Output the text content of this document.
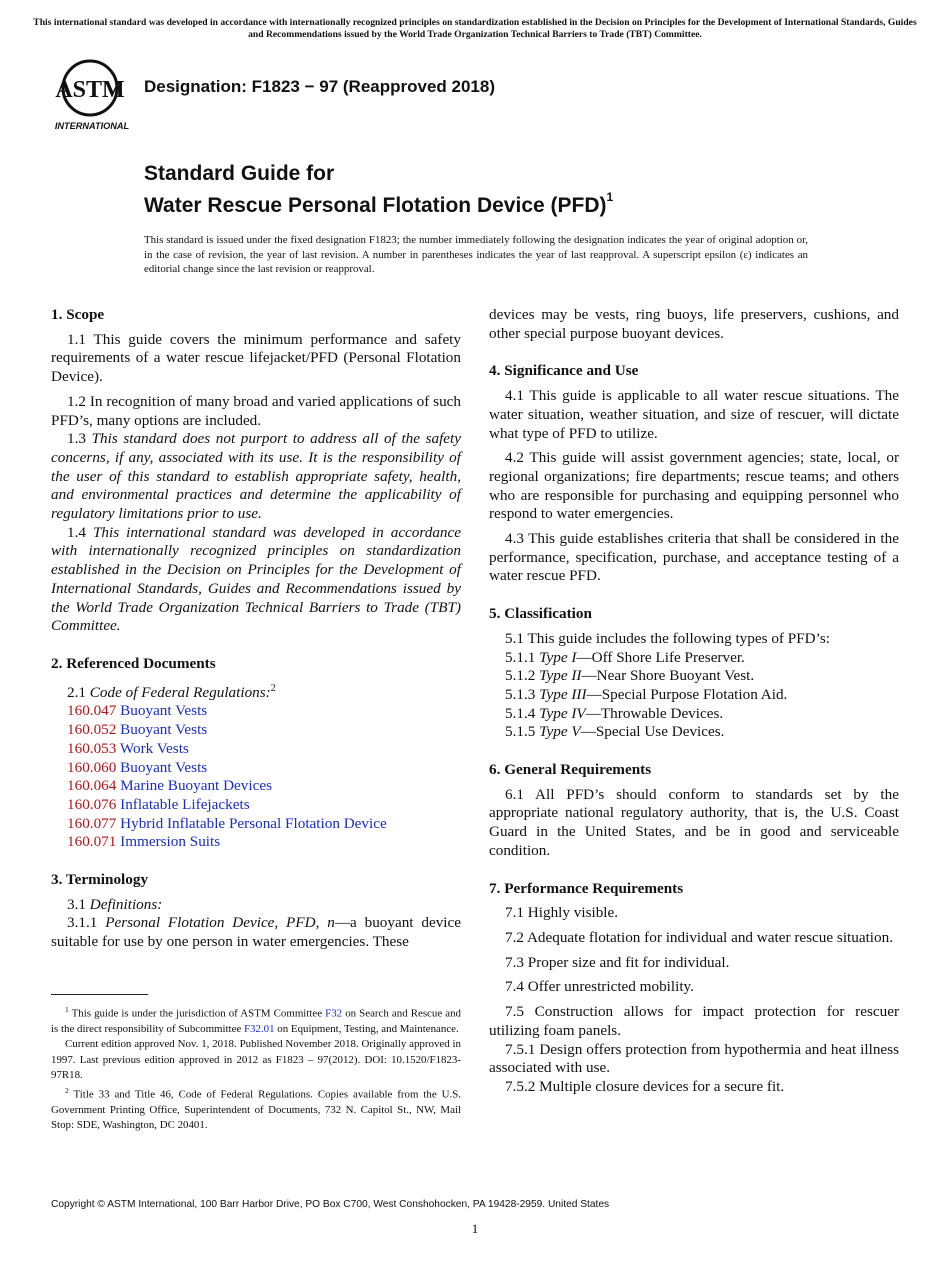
This international standard was developed in accordance with internationally recognized principles on standardization established in the Decision on Principles for the Development of International Standards, Guides and Recommendations issued by the World Trade Organization Technical Barriers to Trade (TBT) Committee.
ASTM
INTERNATIONAL
Designation: F1823 − 97 (Reapproved 2018)
Standard Guide for
Water Rescue Personal Flotation Device (PFD)$^1$
This standard is issued under the fixed designation F1823; the number immediately following the designation indicates the year of original adoption or, in the case of revision, the year of last revision. A number in parentheses indicates the year of last reapproval. A superscript epsilon (ε) indicates an editorial change since the last revision or reapproval.
1. Scope

1.1 This guide covers the minimum performance and safety requirements of a water rescue lifejacket/PFD (Personal Flotation Device).

1.2 In recognition of many broad and varied applications of such PFD’s, many options are included.

1.3 This standard does not purport to address all of the safety concerns, if any, associated with its use. It is the responsibility of the user of this standard to establish appropriate safety, health, and environmental practices and determine the applicability of regulatory limitations prior to use.

1.4 This international standard was developed in accordance with internationally recognized principles on standardization established in the Decision on Principles for the Development of International Standards, Guides and Recommendations issued by the World Trade Organization Technical Barriers to Trade (TBT) Committee.

2. Referenced Documents

2.1 Code of Federal Regulations:$^2$

160.047 Buoyant Vests

160.052 Buoyant Vests

160.053 Work Vests

160.060 Buoyant Vests

160.064 Marine Buoyant Devices

160.076 Inflatable Lifejackets

160.077 Hybrid Inflatable Personal Flotation Device

160.071 Immersion Suits

3. Terminology

3.1 Definitions:

3.1.1 Personal Flotation Device, PFD, n—a buoyant device suitable for use by one person in water emergencies. These

devices may be vests, ring buoys, life preservers, cushions, and other special purpose buoyant devices.

4. Significance and Use

4.1 This guide is applicable to all water rescue situations. The water situation, weather situation, and size of rescuer, will dictate what type of PFD to utilize.

4.2 This guide will assist government agencies; state, local, or regional organizations; fire departments; rescue teams; and others who are responsible for purchasing and equipping personnel who respond to water emergencies.

4.3 This guide establishes criteria that shall be considered in the performance, specification, purchase, and acceptance testing of a water rescue PFD.

5. Classification

5.1 This guide includes the following types of PFD’s:

5.1.1 Type I—Off Shore Life Preserver.

5.1.2 Type II—Near Shore Buoyant Vest.

5.1.3 Type III—Special Purpose Flotation Aid.

5.1.4 Type IV—Throwable Devices.

5.1.5 Type V—Special Use Devices.

6. General Requirements

6.1 All PFD’s should conform to standards set by the appropriate national regulatory authority, that is, the U.S. Coast Guard in the United States, and be in good and serviceable condition.

7. Performance Requirements

7.1 Highly visible.

7.2 Adequate flotation for individual and water rescue situation.

7.3 Proper size and fit for individual.

7.4 Offer unrestricted mobility.

7.5 Construction allows for impact protection for rescuer utilizing foam panels.

7.5.1 Design offers protection from hypothermia and heat illness associated with use.

7.5.2 Multiple closure devices for a secure fit.

$^1$ This guide is under the jurisdiction of ASTM Committee F32 on Search and Rescue and is the direct responsibility of Subcommittee F32.01 on Equipment, Testing, and Maintenance.

Current edition approved Nov. 1, 2018. Published November 2018. Originally approved in 1997. Last previous edition approved in 2012 as F1823 – 97(2012). DOI: 10.1520/F1823-97R18.

$^2$ Title 33 and Title 46, Code of Federal Regulations. Copies available from the U.S. Government Printing Office, Superintendent of Documents, 732 N. Capitol St., NW, Mail Stop: SDE, Washington, DC 20401.

Copyright © ASTM International, 100 Barr Harbor Drive, PO Box C700, West Conshohocken, PA 19428-2959. United States
1
